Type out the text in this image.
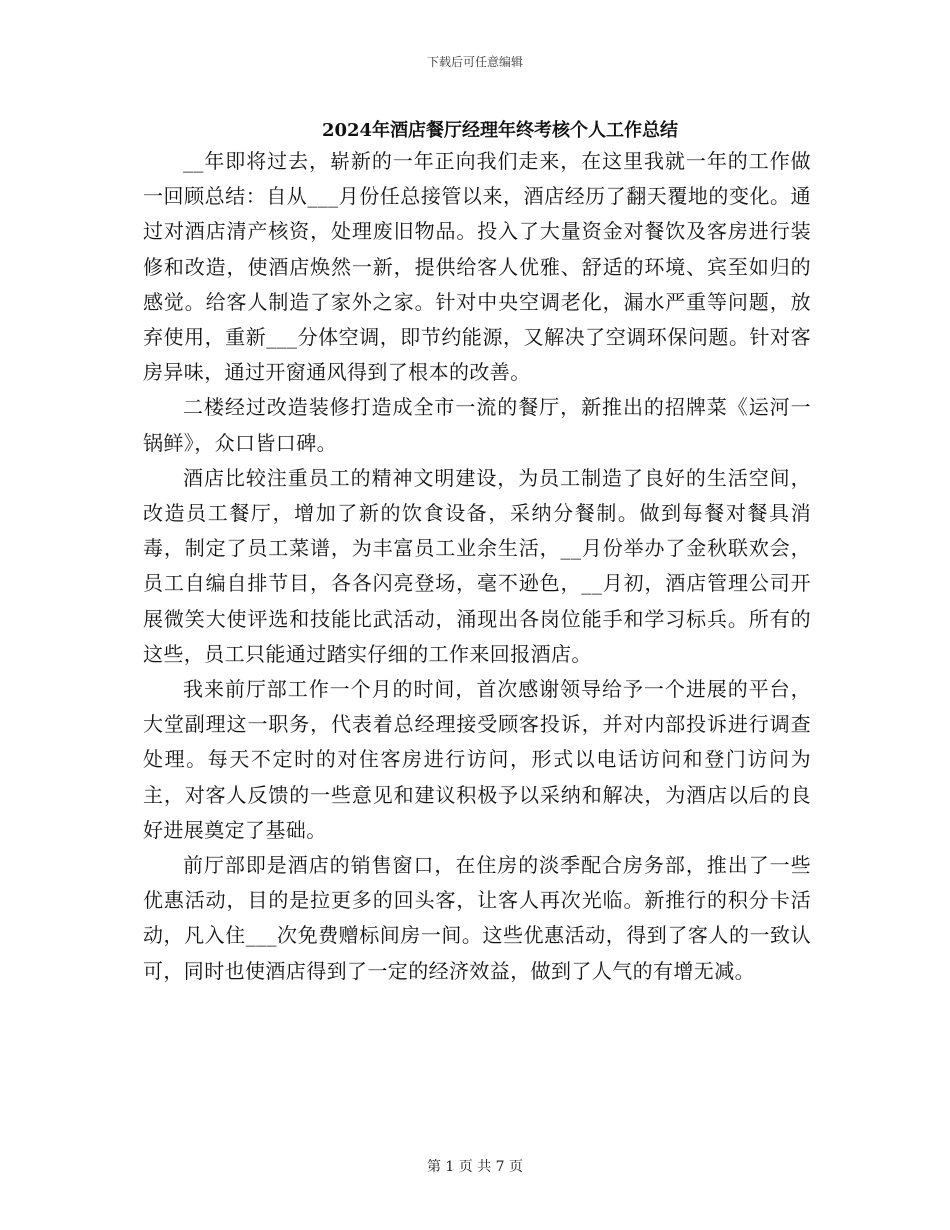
下载后可任意编辑
2024年酒店餐厅经理年终考核个人工作总结

__年即将过去，崭新的一年正向我们走来，在这里我就一年的工作做一回顾总结：自从___月份任总接管以来，酒店经历了翻天覆地的变化。通过对酒店清产核资，处理废旧物品。投入了大量资金对餐饮及客房进行装修和改造，使酒店焕然一新，提供给客人优雅、舒适的环境、宾至如归的感觉。给客人制造了家外之家。针对中央空调老化，漏水严重等问题，放弃使用，重新___分体空调，即节约能源，又解决了空调环保问题。针对客房异味，通过开窗通风得到了根本的改善。

二楼经过改造装修打造成全市一流的餐厅，新推出的招牌菜《运河一锅鲜》，众口皆口碑。

酒店比较注重员工的精神文明建设，为员工制造了良好的生活空间，改造员工餐厅，增加了新的饮食设备，采纳分餐制。做到每餐对餐具消毒，制定了员工菜谱，为丰富员工业余生活，__月份举办了金秋联欢会，员工自编自排节目，各各闪亮登场，毫不逊色，__月初，酒店管理公司开展微笑大使评选和技能比武活动，涌现出各岗位能手和学习标兵。所有的这些，员工只能通过踏实仔细的工作来回报酒店。

我来前厅部工作一个月的时间，首次感谢领导给予一个进展的平台，大堂副理这一职务，代表着总经理接受顾客投诉，并对内部投诉进行调查处理。每天不定时的对住客房进行访问，形式以电话访问和登门访问为主，对客人反馈的一些意见和建议积极予以采纳和解决，为酒店以后的良好进展奠定了基础。

前厅部即是酒店的销售窗口，在住房的淡季配合房务部，推出了一些优惠活动，目的是拉更多的回头客，让客人再次光临。新推行的积分卡活动，凡入住___次免费赠标间房一间。这些优惠活动，得到了客人的一致认可，同时也使酒店得到了一定的经济效益，做到了人气的有增无减。

第 1 页 共 7 页
